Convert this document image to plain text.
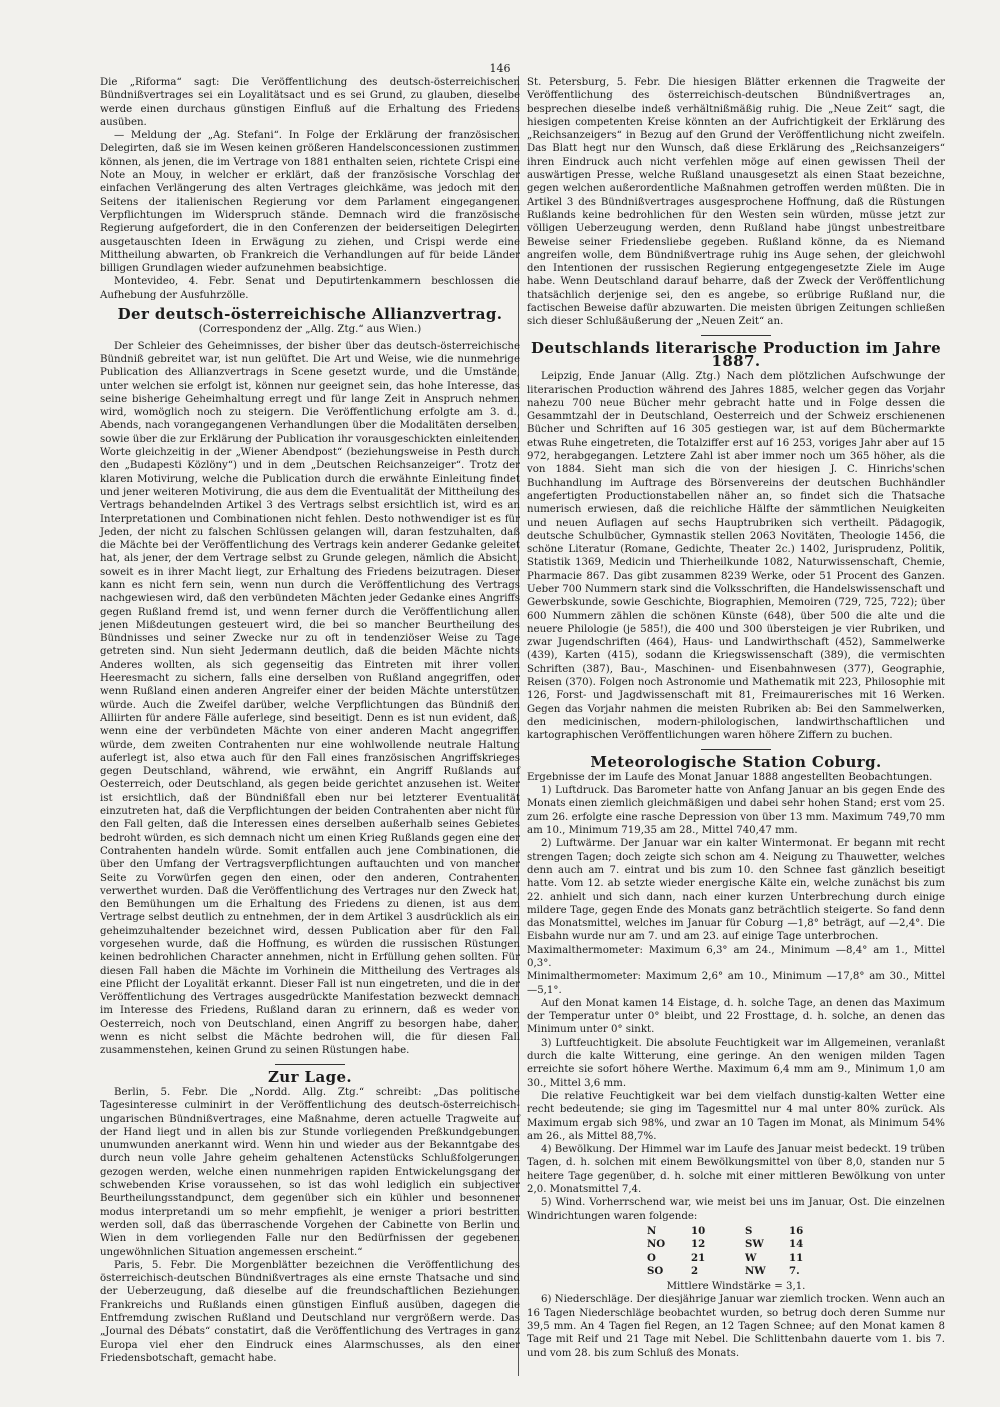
146

Die „Riforma“ sagt: Die Veröffentlichung des deutsch-österreichischen Bündnißvertrages sei ein Loyalitätsact und es sei Grund, zu glauben, dieselbe werde einen durchaus günstigen Einfluß auf die Erhaltung des Friedens ausüben.

— Meldung der „Ag. Stefani“. In Folge der Erklärung der französischen Delegirten, daß sie im Wesen keinen größeren Handelsconcessionen zustimmen können, als jenen, die im Vertrage von 1881 enthalten seien, richtete Crispi eine Note an Mouy, in welcher er erklärt, daß der französische Vorschlag der einfachen Verlängerung des alten Vertrages gleichkäme, was jedoch mit den Seitens der italienischen Regierung vor dem Parlament eingegangenen Verpflichtungen im Widerspruch stände. Demnach wird die französische Regierung aufgefordert, die in den Conferenzen der beiderseitigen Delegirten ausgetauschten Ideen in Erwägung zu ziehen, und Crispi werde eine Mittheilung abwarten, ob Frankreich die Verhandlungen auf für beide Länder billigen Grundlagen wieder aufzunehmen beabsichtige.

Montevideo, 4. Febr. Senat und Deputirtenkammern beschlossen die Aufhebung der Ausfuhrzölle.

Der deutsch-österreichische Allianzvertrag.

(Correspondenz der „Allg. Ztg.“ aus Wien.)

Der Schleier des Geheimnisses, der bisher über das deutsch-österreichische Bündniß gebreitet war, ist nun gelüftet. Die Art und Weise, wie die nunmehrige Publication des Allianzvertrags in Scene gesetzt wurde, und die Umstände, unter welchen sie erfolgt ist, können nur geeignet sein, das hohe Interesse, das seine bisherige Geheimhaltung erregt und für lange Zeit in Anspruch nehmen wird, womöglich noch zu steigern. Die Veröffentlichung erfolgte am 3. d., Abends, nach vorangegangenen Verhandlungen über die Modalitäten derselben, sowie über die zur Erklärung der Publication ihr vorausgeschickten einleitenden Worte gleichzeitig in der „Wiener Abendpost“ (beziehungsweise in Pesth durch den „Budapesti Közlöny“) und in dem „Deutschen Reichsanzeiger“. Trotz der klaren Motivirung, welche die Publication durch die erwähnte Einleitung findet und jener weiteren Motivirung, die aus dem die Eventualität der Mittheilung des Vertrags behandelnden Artikel 3 des Vertrags selbst ersichtlich ist, wird es an Interpretationen und Combinationen nicht fehlen. Desto nothwendiger ist es für Jeden, der nicht zu falschen Schlüssen gelangen will, daran festzuhalten, daß die Mächte bei der Veröffentlichung des Vertrags kein anderer Gedanke geleitet hat, als jener, der dem Vertrage selbst zu Grunde gelegen, nämlich die Absicht, soweit es in ihrer Macht liegt, zur Erhaltung des Friedens beizutragen. Dieser kann es nicht fern sein, wenn nun durch die Veröffentlichung des Vertrags nachgewiesen wird, daß den verbündeten Mächten jeder Gedanke eines Angriffs gegen Rußland fremd ist, und wenn ferner durch die Veröffentlichung allen jenen Mißdeutungen gesteuert wird, die bei so mancher Beurtheilung des Bündnisses und seiner Zwecke nur zu oft in tendenziöser Weise zu Tage getreten sind. Nun sieht Jedermann deutlich, daß die beiden Mächte nichts Anderes wollten, als sich gegenseitig das Eintreten mit ihrer vollen Heeresmacht zu sichern, falls eine derselben von Rußland angegriffen, oder wenn Rußland einen anderen Angreifer einer der beiden Mächte unterstützen würde. Auch die Zweifel darüber, welche Verpflichtungen das Bündniß den Alliirten für andere Fälle auferlege, sind beseitigt. Denn es ist nun evident, daß, wenn eine der verbündeten Mächte von einer anderen Macht angegriffen würde, dem zweiten Contrahenten nur eine wohlwollende neutrale Haltung auferlegt ist, also etwa auch für den Fall eines französischen Angriffskrieges gegen Deutschland, während, wie erwähnt, ein Angriff Rußlands auf Oesterreich, oder Deutschland, als gegen beide gerichtet anzusehen ist. Weiter ist ersichtlich, daß der Bündnißfall eben nur bei letzterer Eventualität einzutreten hat, daß die Verpflichtungen der beiden Contrahenten aber nicht für den Fall gelten, daß die Interessen eines derselben außerhalb seines Gebietes bedroht würden, es sich demnach nicht um einen Krieg Rußlands gegen eine der Contrahenten handeln würde. Somit entfallen auch jene Combinationen, die über den Umfang der Vertragsverpflichtungen auftauchten und von mancher Seite zu Vorwürfen gegen den einen, oder den anderen, Contrahenten verwerthet wurden. Daß die Veröffentlichung des Vertrages nur den Zweck hat, den Bemühungen um die Erhaltung des Friedens zu dienen, ist aus dem Vertrage selbst deutlich zu entnehmen, der in dem Artikel 3 ausdrücklich als ein geheimzuhaltender bezeichnet wird, dessen Publication aber für den Fall vorgesehen wurde, daß die Hoffnung, es würden die russischen Rüstungen keinen bedrohlichen Character annehmen, nicht in Erfüllung gehen sollten. Für diesen Fall haben die Mächte im Vorhinein die Mittheilung des Vertrages als eine Pflicht der Loyalität erkannt. Dieser Fall ist nun eingetreten, und die in der Veröffentlichung des Vertrages ausgedrückte Manifestation bezweckt demnach im Interesse des Friedens, Rußland daran zu erinnern, daß es weder von Oesterreich, noch von Deutschland, einen Angriff zu besorgen habe, daher, wenn es nicht selbst die Mächte bedrohen will, die für diesen Fall zusammenstehen, keinen Grund zu seinen Rüstungen habe.

Zur Lage.

Berlin, 5. Febr. Die „Nordd. Allg. Ztg.“ schreibt: „Das politische Tagesinteresse culminirt in der Veröffentlichung des deutsch-österreichisch-ungarischen Bündnißvertrages, eine Maßnahme, deren actuelle Tragweite auf der Hand liegt und in allen bis zur Stunde vorliegenden Preßkundgebungen unumwunden anerkannt wird. Wenn hin und wieder aus der Bekanntgabe des durch neun volle Jahre geheim gehaltenen Actenstücks Schlußfolgerungen gezogen werden, welche einen nunmehrigen rapiden Entwickelungsgang der schwebenden Krise voraussehen, so ist das wohl lediglich ein subjectiver Beurtheilungsstandpunct, dem gegenüber sich ein kühler und besonnener modus interpretandi um so mehr empfiehlt, je weniger a priori bestritten werden soll, daß das überraschende Vorgehen der Cabinette von Berlin und Wien in dem vorliegenden Falle nur den Bedürfnissen der gegebenen ungewöhnlichen Situation angemessen erscheint.“

Paris, 5. Febr. Die Morgenblätter bezeichnen die Veröffentlichung des österreichisch-deutschen Bündnißvertrages als eine ernste Thatsache und sind der Ueberzeugung, daß dieselbe auf die freundschaftlichen Beziehungen Frankreichs und Rußlands einen günstigen Einfluß ausüben, dagegen die Entfremdung zwischen Rußland und Deutschland nur vergrößern werde. Das „Journal des Débats“ constatirt, daß die Veröffentlichung des Vertrages in ganz Europa viel eher den Eindruck eines Alarmschusses, als den einer Friedensbotschaft, gemacht habe.

St. Petersburg, 5. Febr. Die hiesigen Blätter erkennen die Tragweite der Veröffentlichung des österreichisch-deutschen Bündnißvertrages an, besprechen dieselbe indeß verhältnißmäßig ruhig. Die „Neue Zeit“ sagt, die hiesigen competenten Kreise könnten an der Aufrichtigkeit der Erklärung des „Reichsanzeigers“ in Bezug auf den Grund der Veröffentlichung nicht zweifeln. Das Blatt hegt nur den Wunsch, daß diese Erklärung des „Reichsanzeigers“ ihren Eindruck auch nicht verfehlen möge auf einen gewissen Theil der auswärtigen Presse, welche Rußland unausgesetzt als einen Staat bezeichne, gegen welchen außerordentliche Maßnahmen getroffen werden müßten. Die in Artikel 3 des Bündnißvertrages ausgesprochene Hoffnung, daß die Rüstungen Rußlands keine bedrohlichen für den Westen sein würden, müsse jetzt zur völligen Ueberzeugung werden, denn Rußland habe jüngst unbestreitbare Beweise seiner Friedensliebe gegeben. Rußland könne, da es Niemand angreifen wolle, dem Bündnißvertrage ruhig ins Auge sehen, der gleichwohl den Intentionen der russischen Regierung entgegengesetzte Ziele im Auge habe. Wenn Deutschland darauf beharre, daß der Zweck der Veröffentlichung thatsächlich derjenige sei, den es angebe, so erübrige Rußland nur, die factischen Beweise dafür abzuwarten. Die meisten übrigen Zeitungen schließen sich dieser Schlußäußerung der „Neuen Zeit“ an.

Deutschlands literarische Production im Jahre 1887.

Leipzig, Ende Januar (Allg. Ztg.) Nach dem plötzlichen Aufschwunge der literarischen Production während des Jahres 1885, welcher gegen das Vorjahr nahezu 700 neue Bücher mehr gebracht hatte und in Folge dessen die Gesammtzahl der in Deutschland, Oesterreich und der Schweiz erschienenen Bücher und Schriften auf 16 305 gestiegen war, ist auf dem Büchermarkte etwas Ruhe eingetreten, die Totalziffer erst auf 16 253, voriges Jahr aber auf 15 972, herabgegangen. Letztere Zahl ist aber immer noch um 365 höher, als die von 1884. Sieht man sich die von der hiesigen J. C. Hinrichs'schen Buchhandlung im Auftrage des Börsenvereins der deutschen Buchhändler angefertigten Productionstabellen näher an, so findet sich die Thatsache numerisch erwiesen, daß die reichliche Hälfte der sämmtlichen Neuigkeiten und neuen Auflagen auf sechs Hauptrubriken sich vertheilt. Pädagogik, deutsche Schulbücher, Gymnastik stellen 2063 Novitäten, Theologie 1456, die schöne Literatur (Romane, Gedichte, Theater 2c.) 1402, Jurisprudenz, Politik, Statistik 1369, Medicin und Thierheilkunde 1082, Naturwissenschaft, Chemie, Pharmacie 867. Das gibt zusammen 8239 Werke, oder 51 Procent des Ganzen. Ueber 700 Nummern stark sind die Volksschriften, die Handelswissenschaft und Gewerbskunde, sowie Geschichte, Biographien, Memoiren (729, 725, 722); über 600 Nummern zählen die schönen Künste (648), über 500 die alte und die neuere Philologie (je 585!), die 400 und 300 übersteigen je vier Rubriken, und zwar Jugendschriften (464), Haus- und Landwirthschaft (452), Sammelwerke (439), Karten (415), sodann die Kriegswissenschaft (389), die vermischten Schriften (387), Bau-, Maschinen- und Eisenbahnwesen (377), Geographie, Reisen (370). Folgen noch Astronomie und Mathematik mit 223, Philosophie mit 126, Forst- und Jagdwissenschaft mit 81, Freimaurerisches mit 16 Werken. Gegen das Vorjahr nahmen die meisten Rubriken ab: Bei den Sammelwerken, den medicinischen, modern-philologischen, landwirthschaftlichen und kartographischen Veröffentlichungen waren höhere Ziffern zu buchen.

Meteorologische Station Coburg.

Ergebnisse der im Laufe des Monat Januar 1888 angestellten Beobachtungen.

1) Luftdruck. Das Barometer hatte von Anfang Januar an bis gegen Ende des Monats einen ziemlich gleichmäßigen und dabei sehr hohen Stand; erst vom 25. zum 26. erfolgte eine rasche Depression von über 13 mm. Maximum 749,70 mm am 10., Minimum 719,35 am 28., Mittel 740,47 mm.

2) Luftwärme. Der Januar war ein kalter Wintermonat. Er begann mit recht strengen Tagen; doch zeigte sich schon am 4. Neigung zu Thauwetter, welches denn auch am 7. eintrat und bis zum 10. den Schnee fast gänzlich beseitigt hatte. Vom 12. ab setzte wieder energische Kälte ein, welche zunächst bis zum 22. anhielt und sich dann, nach einer kurzen Unterbrechung durch einige mildere Tage, gegen Ende des Monats ganz beträchtlich steigerte. So fand denn das Monatsmittel, welches im Januar für Coburg —1,8° beträgt, auf —2,4°. Die Eisbahn wurde nur am 7. und am 23. auf einige Tage unterbrochen.

Maximalthermometer: Maximum 6,3° am 24., Minimum —8,4° am 1., Mittel 0,3°.

Minimalthermometer: Maximum 2,6° am 10., Minimum —17,8° am 30., Mittel —5,1°.

Auf den Monat kamen 14 Eistage, d. h. solche Tage, an denen das Maximum der Temperatur unter 0° bleibt, und 22 Frosttage, d. h. solche, an denen das Minimum unter 0° sinkt.

3) Luftfeuchtigkeit. Die absolute Feuchtigkeit war im Allgemeinen, veranlaßt durch die kalte Witterung, eine geringe. An den wenigen milden Tagen erreichte sie sofort höhere Werthe. Maximum 6,4 mm am 9., Minimum 1,0 am 30., Mittel 3,6 mm.

Die relative Feuchtigkeit war bei dem vielfach dunstig-kalten Wetter eine recht bedeutende; sie ging im Tagesmittel nur 4 mal unter 80% zurück. Als Maximum ergab sich 98%, und zwar an 10 Tagen im Monat, als Minimum 54% am 26., als Mittel 88,7%.

4) Bewölkung. Der Himmel war im Laufe des Januar meist bedeckt. 19 trüben Tagen, d. h. solchen mit einem Bewölkungsmittel von über 8,0, standen nur 5 heitere Tage gegenüber, d. h. solche mit einer mittleren Bewölkung von unter 2,0. Monatsmittel 7,4.

5) Wind. Vorherrschend war, wie meist bei uns im Januar, Ost. Die einzelnen Windrichtungen waren folgende:

N	10	S	16
NO	12	SW	14
O	21	W	11
SO	2	NW	7.

Mittlere Windstärke = 3,1.

6) Niederschläge. Der diesjährige Januar war ziemlich trocken. Wenn auch an 16 Tagen Niederschläge beobachtet wurden, so betrug doch deren Summe nur 39,5 mm. An 4 Tagen fiel Regen, an 12 Tagen Schnee; auf den Monat kamen 8 Tage mit Reif und 21 Tage mit Nebel. Die Schlittenbahn dauerte vom 1. bis 7. und vom 28. bis zum Schluß des Monats.
